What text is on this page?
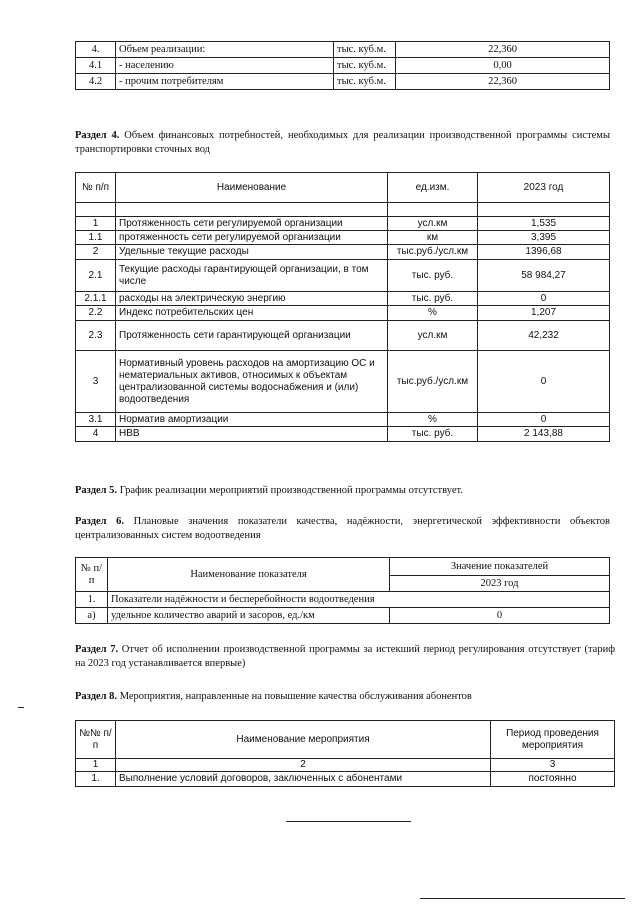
4.	Объем реализации:	тыс. куб.м.	22,360
4.1	- населению	тыс. куб.м.	0,00
4.2	- прочим потребителям	тыс. куб.м.	22,360
Раздел 4. Объем финансовых потребностей, необходимых для реализации производственной программы системы транспортировки сточных вод
№ п/п	Наименование	ед.изм.	2023 год

1	Протяженность сети регулируемой организации	усл.км	1,535
1.1	протяженность сети регулируемой организации	км	3,395
2	Удельные текущие расходы	тыс.руб./усл.км	1396,68
2.1	Текущие расходы гарантирующей организации, в том числе	тыс. руб.	58 984,27
2.1.1	расходы на электрическую энергию	тыс. руб.	0
2.2	Индекс потребительских цен	%	1,207
2.3	Протяженность сети гарантирующей организации	усл.км	42,232
3	Нормативный уровень расходов на амортизацию ОС и нематериальных активов, относимых к объектам централизованной системы водоснабжения и (или) водоотведения	тыс.руб./усл.км	0
3.1	Норматив амортизации	%	0
4	НВВ	тыс. руб.	2 143,88
Раздел 5. График реализации мероприятий производственной программы отсутствует.
Раздел 6. Плановые значения показатели качества, надёжности, энергетической эффективности объектов централизованных систем водоотведения
№ п/п	Наименование показателя	Значение показателей
		2023 год
1.	Показатели надёжности и бесперебойности водоотведения	
а)	удельное количество аварий и засоров, ед./км	0
Раздел 7. Отчет об исполнении производственной программы за истекший период регулирования отсутствует (тариф на 2023 год устанавливается впервые)
Раздел 8. Мероприятия, направленные на повышение качества обслуживания абонентов
№№ п/п	Наименование мероприятия	Период проведения мероприятия
1	2	3
1.	Выполнение условий договоров, заключенных с абонентами	постоянно
